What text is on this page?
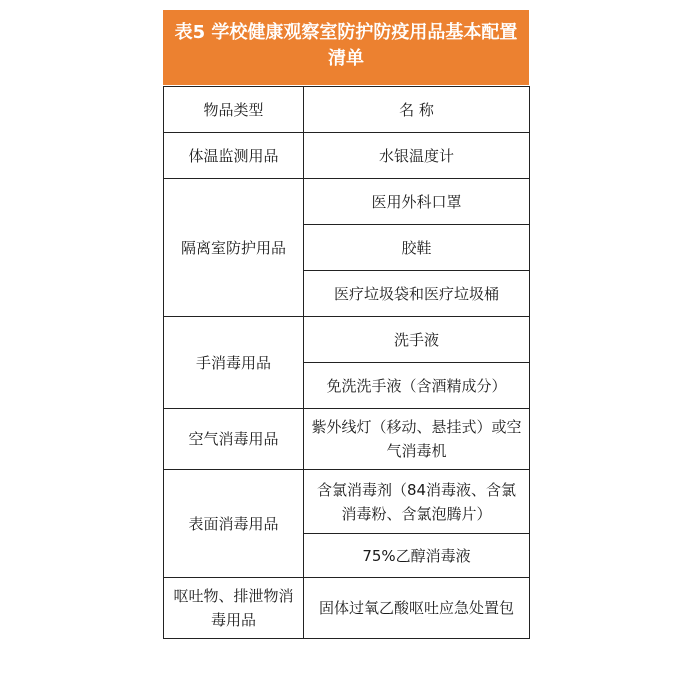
表5 学校健康观察室防护防疫用品基本配置清单
物品类型	名 称
体温监测用品	水银温度计
隔离室防护用品	医用外科口罩
	胶鞋
	医疗垃圾袋和医疗垃圾桶
手消毒用品	洗手液
	免洗洗手液（含酒精成分）
空气消毒用品	紫外线灯（移动、悬挂式）或空气消毒机
表面消毒用品	含氯消毒剂（84消毒液、含氯消毒粉、含氯泡腾片）
	75%乙醇消毒液
呕吐物、排泄物消毒用品	固体过氧乙酸呕吐应急处置包
